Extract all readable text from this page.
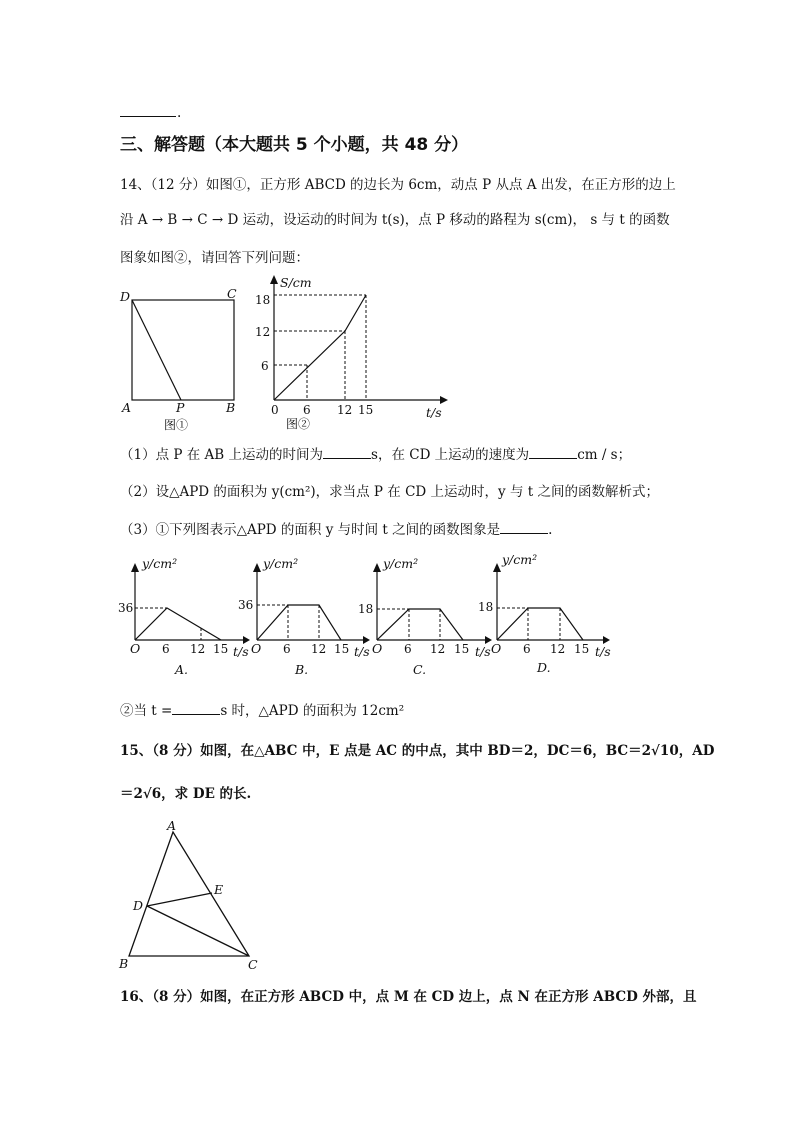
.
三、解答题（本大题共 5 个小题，共 48 分）
14、（12 分）如图①，正方形 ABCD 的边长为 6cm，动点 P 从点 A 出发，在正方形的边上
沿 A → B → C → D 运动，设运动的时间为 t(s)，点 P 移动的路程为 s(cm)， s 与 t 的函数
图象如图②，请回答下列问题：
D	C
A	P	B
图①
S/cm
18
12
6
0 6 12 15	t/s
图②
（1）点 P 在 AB 上运动的时间为	s，在 CD 上运动的速度为	cm / s；
（2）设△APD 的面积为 y(cm²)，求当点 P 在 CD 上运动时，y 与 t 之间的函数解析式；
（3）①下列图表示△APD 的面积 y 与时间 t 之间的函数图象是	.
y/cm²
36
O 6 12 15 t/s
A.
y/cm²
36
O 6 12 15 t/s
B.
y/cm²
18
O 6 12 15 t/s
C.
y/cm²
18
O 6 12 15 t/s
D.
②当 t =	s 时，△APD 的面积为 12cm²
15、（8 分）如图，在△ABC 中，E 点是 AC 的中点，其中 BD＝2，DC＝6，BC＝2√10，AD
＝2√6，求 DE 的长.
A
E
D
B	C
16、（8 分）如图，在正方形 ABCD 中，点 M 在 CD 边上，点 N 在正方形 ABCD 外部，且
